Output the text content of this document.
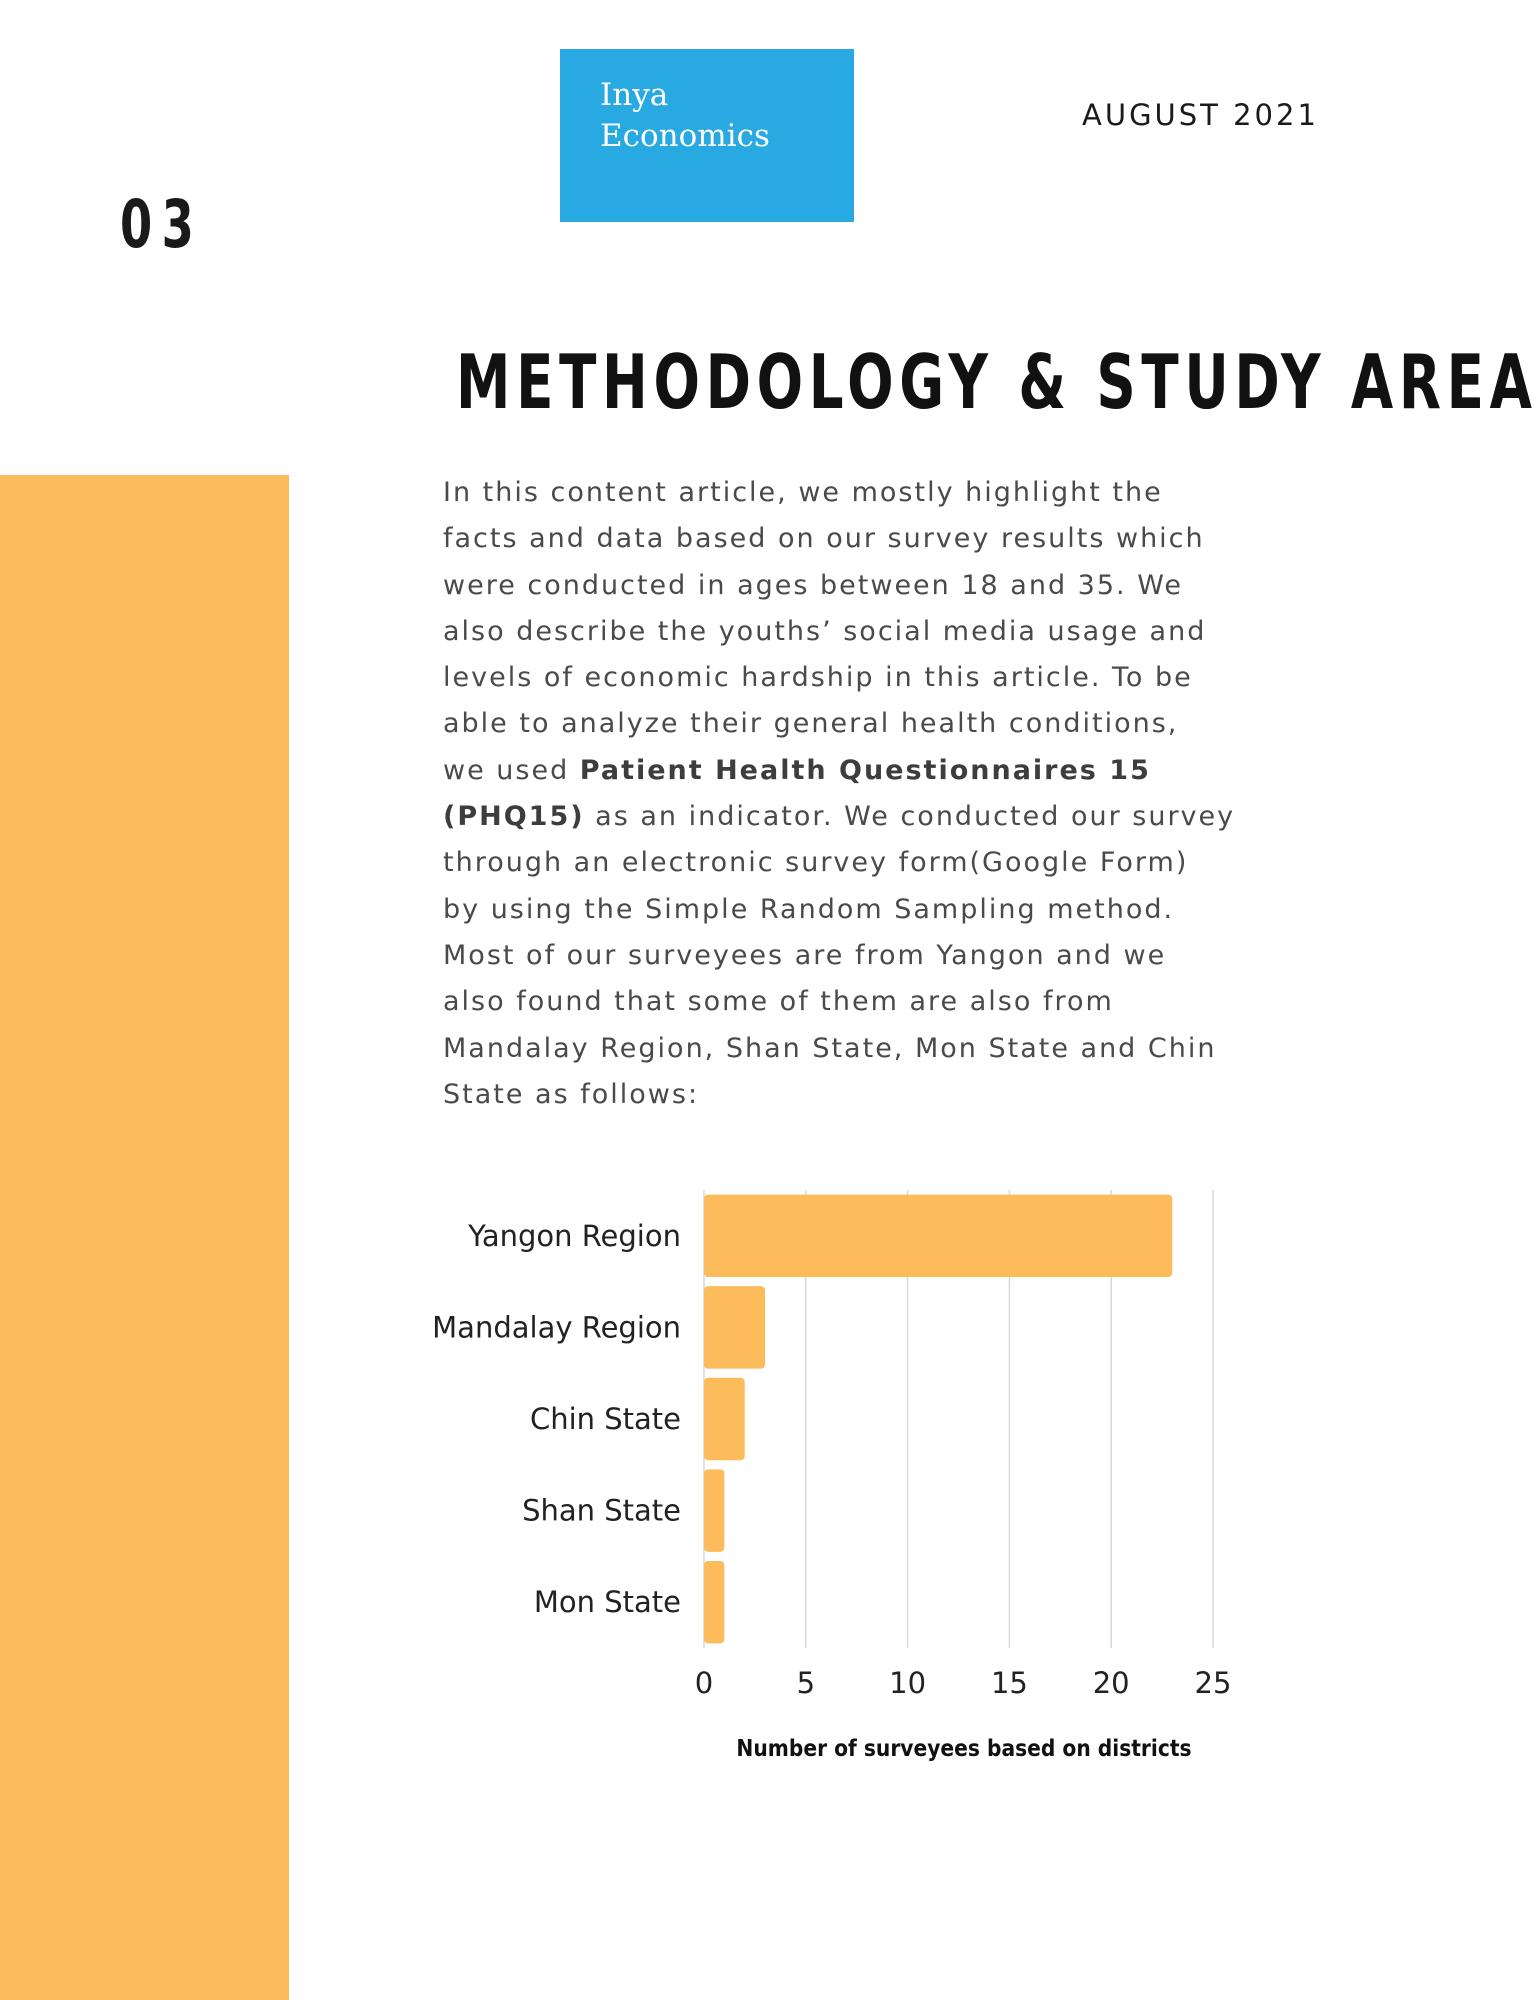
Inya
Economics
AUGUST 2021
03
METHODOLOGY & STUDY AREA
In this content article, we mostly highlight the
facts and data based on our survey results which
were conducted in ages between 18 and 35. We
also describe the youths’ social media usage and
levels of economic hardship in this article. To be
able to analyze their general health conditions,
we used Patient Health Questionnaires 15
(PHQ15) as an indicator. We conducted our survey
through an electronic survey form(Google Form)
by using the Simple Random Sampling method.
Most of our surveyees are from Yangon and we
also found that some of them are also from
Mandalay Region, Shan State, Mon State and Chin
State as follows:
0	5	10 15 20 25
Yangon Region
Mandalay Region
Chin State
Shan State
Mon State
Number of surveyees based on districts
